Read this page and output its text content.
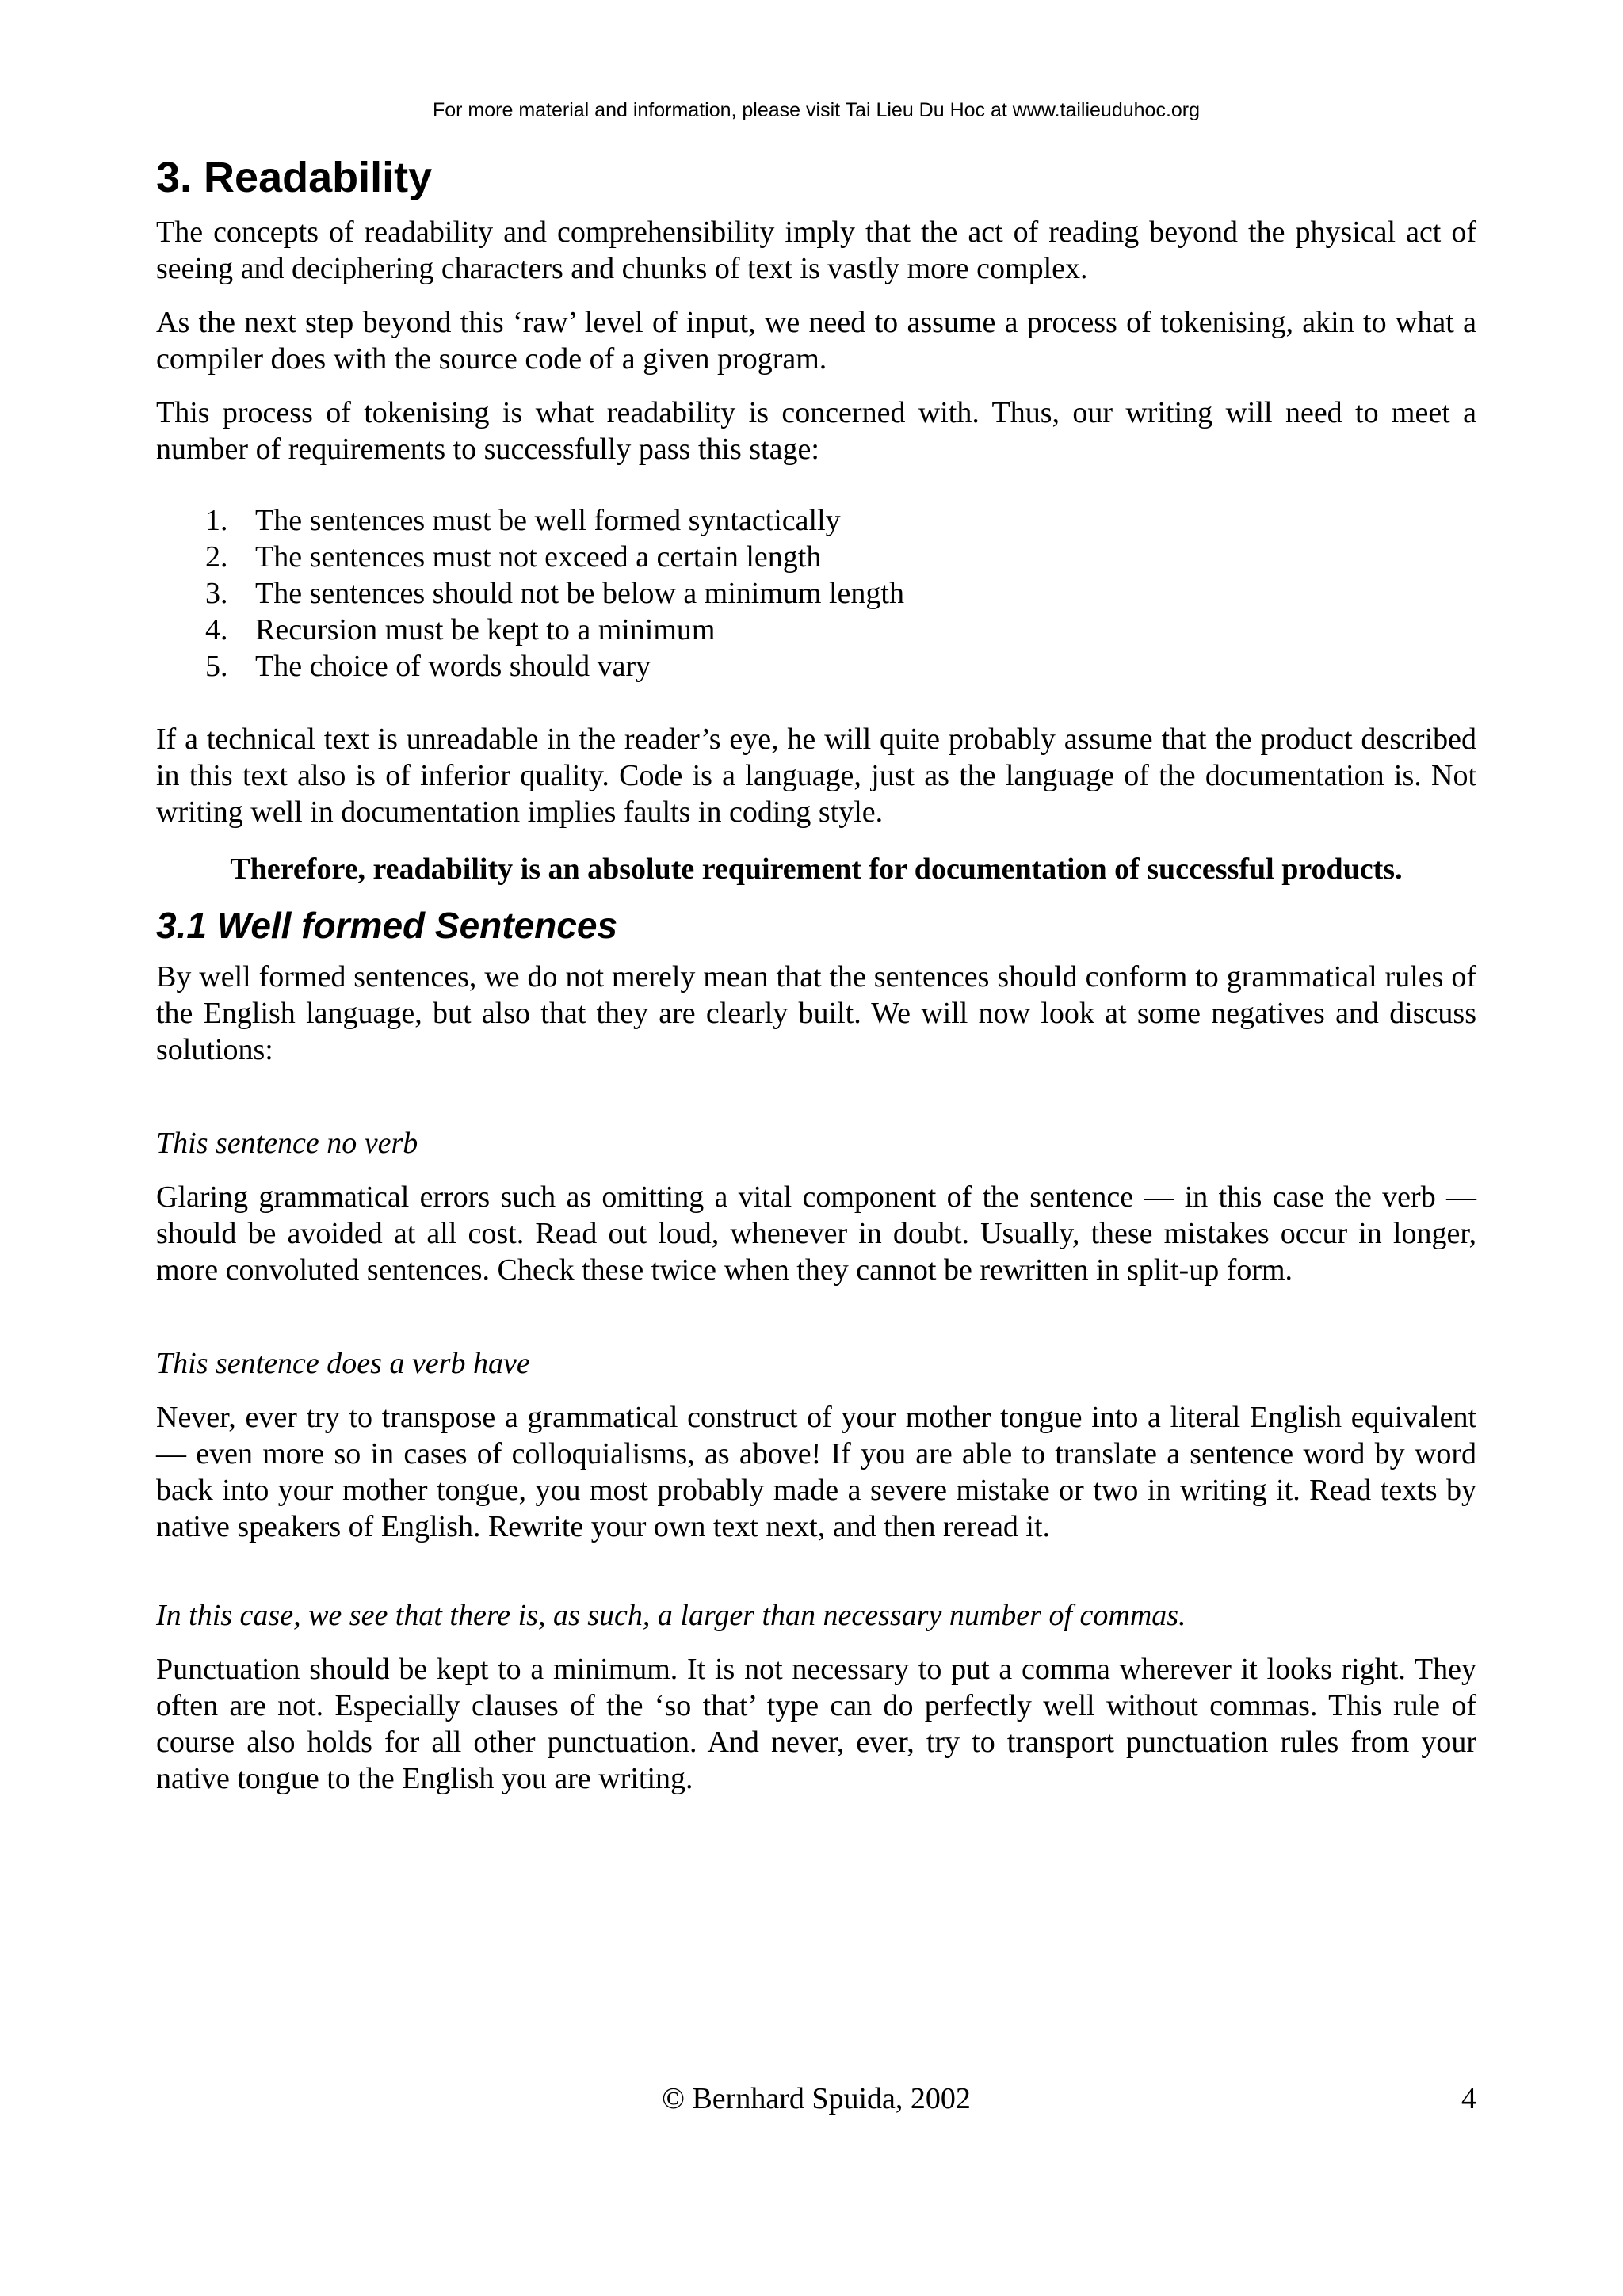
For more material and information, please visit Tai Lieu Du Hoc at www.tailieuduhoc.org
3. Readability

The concepts of readability and comprehensibility imply that the act of reading beyond the physical act of seeing and deciphering characters and chunks of text is vastly more complex.

As the next step beyond this ‘raw’ level of input, we need to assume a process of tokenising, akin to what a compiler does with the source code of a given program.

This process of tokenising is what readability is concerned with. Thus, our writing will need to meet a number of requirements to successfully pass this stage:

1. The sentences must be well formed syntactically
2. The sentences must not exceed a certain length
3. The sentences should not be below a minimum length
4. Recursion must be kept to a minimum
5. The choice of words should vary

If a technical text is unreadable in the reader’s eye, he will quite probably assume that the product described in this text also is of inferior quality. Code is a language, just as the language of the documentation is. Not writing well in documentation implies faults in coding style.

Therefore, readability is an absolute requirement for documentation of successful products.

3.1 Well formed Sentences

By well formed sentences, we do not merely mean that the sentences should conform to grammatical rules of the English language, but also that they are clearly built. We will now look at some negatives and discuss solutions:

This sentence no verb

Glaring grammatical errors such as omitting a vital component of the sentence — in this case the verb — should be avoided at all cost. Read out loud, whenever in doubt. Usually, these mistakes occur in longer, more convoluted sentences. Check these twice when they cannot be rewritten in split-up form.

This sentence does a verb have

Never, ever try to transpose a grammatical construct of your mother tongue into a literal English equivalent — even more so in cases of colloquialisms, as above! If you are able to translate a sentence word by word back into your mother tongue, you most probably made a severe mistake or two in writing it. Read texts by native speakers of English. Rewrite your own text next, and then reread it.

In this case, we see that there is, as such, a larger than necessary number of commas.

Punctuation should be kept to a minimum. It is not necessary to put a comma wherever it looks right. They often are not. Especially clauses of the ‘so that’ type can do perfectly well without commas. This rule of course also holds for all other punctuation. And never, ever, try to transport punctuation rules from your native tongue to the English you are writing.

© Bernhard Spuida, 2002	4
